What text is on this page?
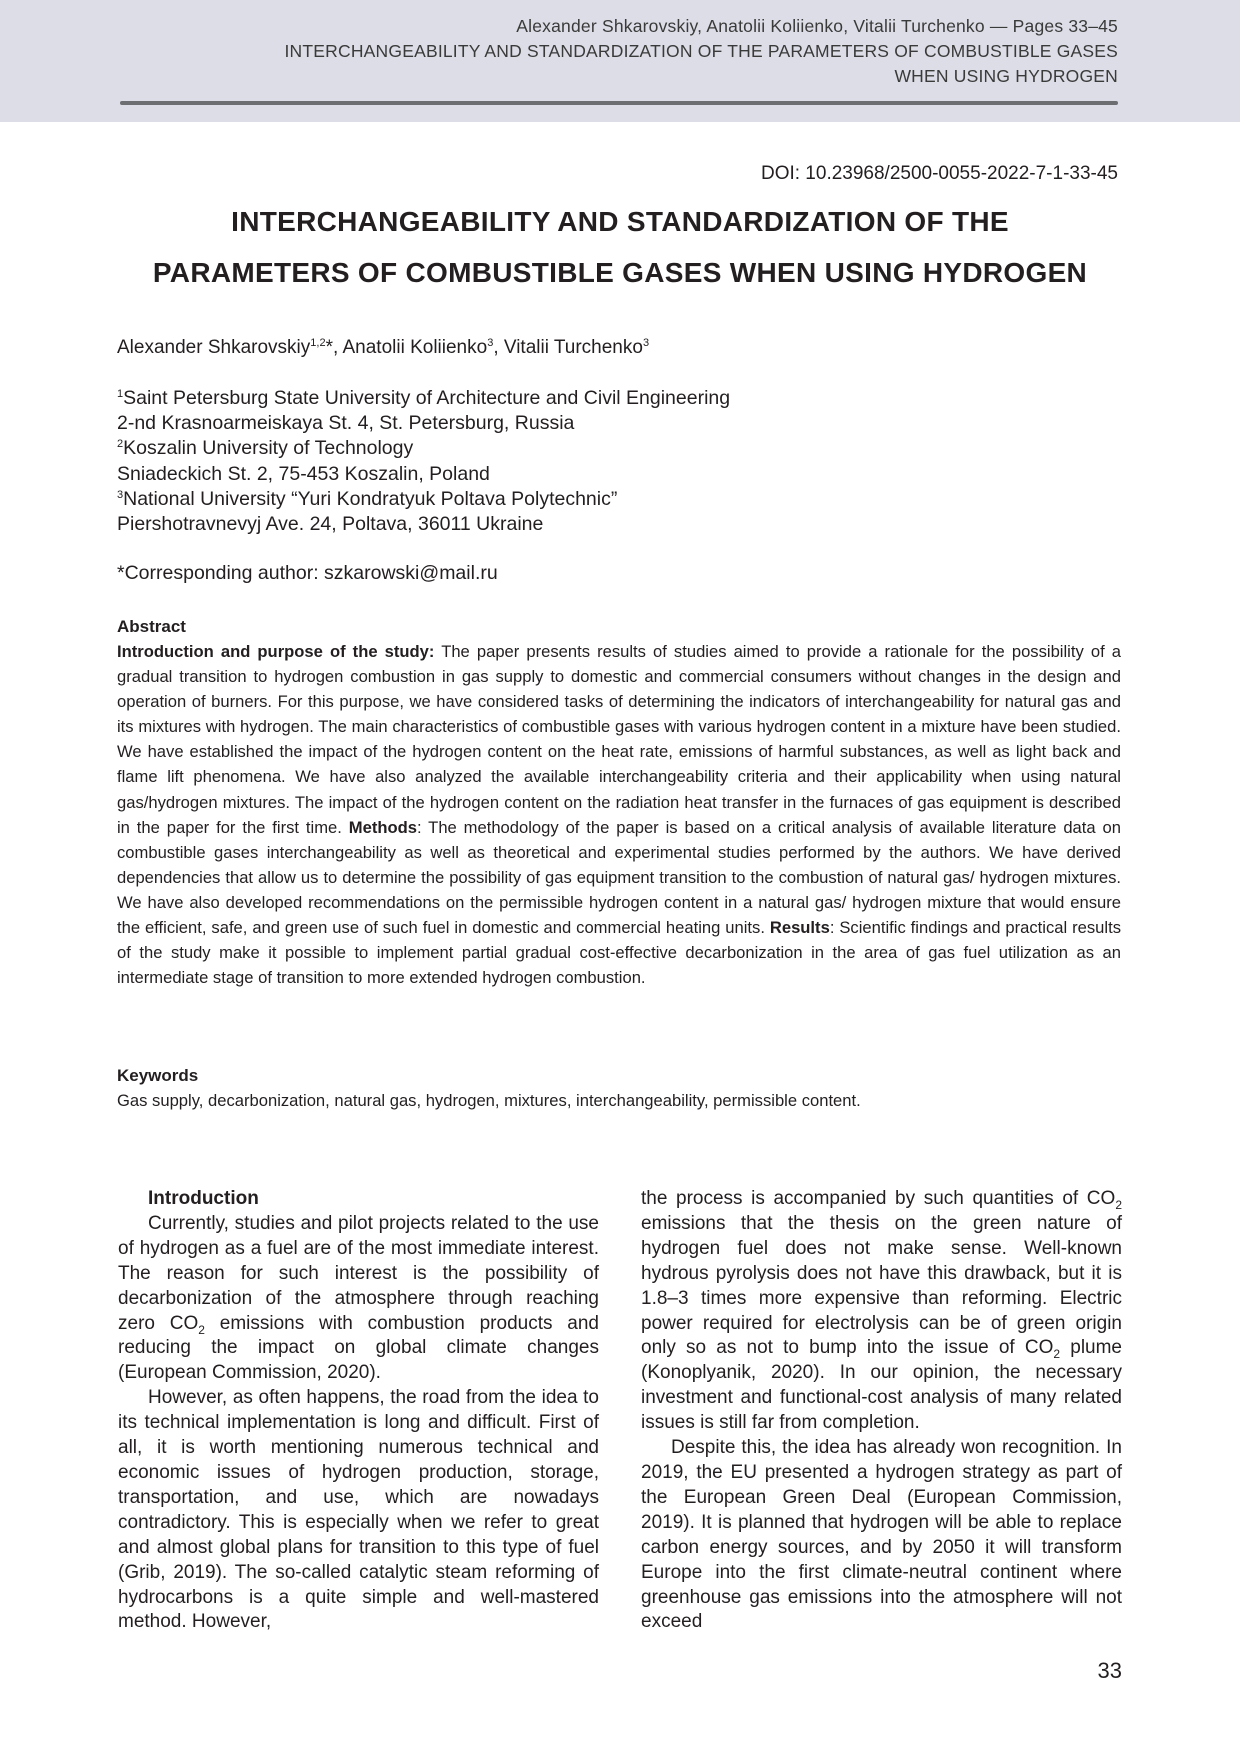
Alexander Shkarovskiy, Anatolii Koliienko, Vitalii Turchenko — Pages 33–45
INTERCHANGEABILITY AND STANDARDIZATION OF THE PARAMETERS OF COMBUSTIBLE GASES
WHEN USING HYDROGEN
DOI: 10.23968/2500-0055-2022-7-1-33-45
INTERCHANGEABILITY AND STANDARDIZATION OF THE
PARAMETERS OF COMBUSTIBLE GASES WHEN USING HYDROGEN
Alexander Shkarovskiy$^{1,2}$*, Anatolii Koliienko$^3$, Vitalii Turchenko$^3$
$^1$Saint Petersburg State University of Architecture and Civil Engineering
2-nd Krasnoarmeiskaya St. 4, St. Petersburg, Russia
$^2$Koszalin University of Technology
Sniadeckich St. 2, 75-453 Koszalin, Poland
$^3$National University “Yuri Kondratyuk Poltava Polytechnic”
Piershotravnevyj Ave. 24, Poltava, 36011 Ukraine
*Corresponding author: szkarowski@mail.ru
Abstract

Introduction and purpose of the study: The paper presents results of studies aimed to provide a rationale for the possibility of a gradual transition to hydrogen combustion in gas supply to domestic and commercial consumers without changes in the design and operation of burners. For this purpose, we have considered tasks of determining the indicators of interchangeability for natural gas and its mixtures with hydrogen. The main characteristics of combustible gases with various hydrogen content in a mixture have been studied. We have established the impact of the hydrogen content on the heat rate, emissions of harmful substances, as well as light back and flame lift phenomena. We have also analyzed the available interchangeability criteria and their applicability when using natural gas/hydrogen mixtures. The impact of the hydrogen content on the radiation heat transfer in the furnaces of gas equipment is described in the paper for the first time. Methods: The methodology of the paper is based on a critical analysis of available literature data on combustible gases interchangeability as well as theoretical and experimental studies performed by the authors. We have derived dependencies that allow us to determine the possibility of gas equipment transition to the combustion of natural gas/ hydrogen mixtures. We have also developed recommendations on the permissible hydrogen content in a natural gas/ hydrogen mixture that would ensure the efficient, safe, and green use of such fuel in domestic and commercial heating units. Results: Scientific findings and practical results of the study make it possible to implement partial gradual cost-effective decarbonization in the area of gas fuel utilization as an intermediate stage of transition to more extended hydrogen combustion.

Keywords
Gas supply, decarbonization, natural gas, hydrogen, mixtures, interchangeability, permissible content.
Introduction

Currently, studies and pilot projects related to the use of hydrogen as a fuel are of the most immediate interest. The reason for such interest is the possibility of decarbonization of the atmosphere through reaching zero $CO_2$ emissions with combustion products and reducing the impact on global climate changes (European Commission, 2020).

However, as often happens, the road from the idea to its technical implementation is long and difficult. First of all, it is worth mentioning numerous technical and economic issues of hydrogen production, storage, transportation, and use, which are nowadays contradictory. This is especially when we refer to great and almost global plans for transition to this type of fuel (Grib, 2019). The so-called catalytic steam reforming of hydrocarbons is a quite simple and well-mastered method. However,

the process is accompanied by such quantities of $CO_2$ emissions that the thesis on the green nature of hydrogen fuel does not make sense. Well-known hydrous pyrolysis does not have this drawback, but it is 1.8–3 times more expensive than reforming. Electric power required for electrolysis can be of green origin only so as not to bump into the issue of $CO_2$ plume (Konoplyanik, 2020). In our opinion, the necessary investment and functional-cost analysis of many related issues is still far from completion.

Despite this, the idea has already won recognition. In 2019, the EU presented a hydrogen strategy as part of the European Green Deal (European Commission, 2019). It is planned that hydrogen will be able to replace carbon energy sources, and by 2050 it will transform Europe into the first climate-neutral continent where greenhouse gas emissions into the atmosphere will not exceed

33
